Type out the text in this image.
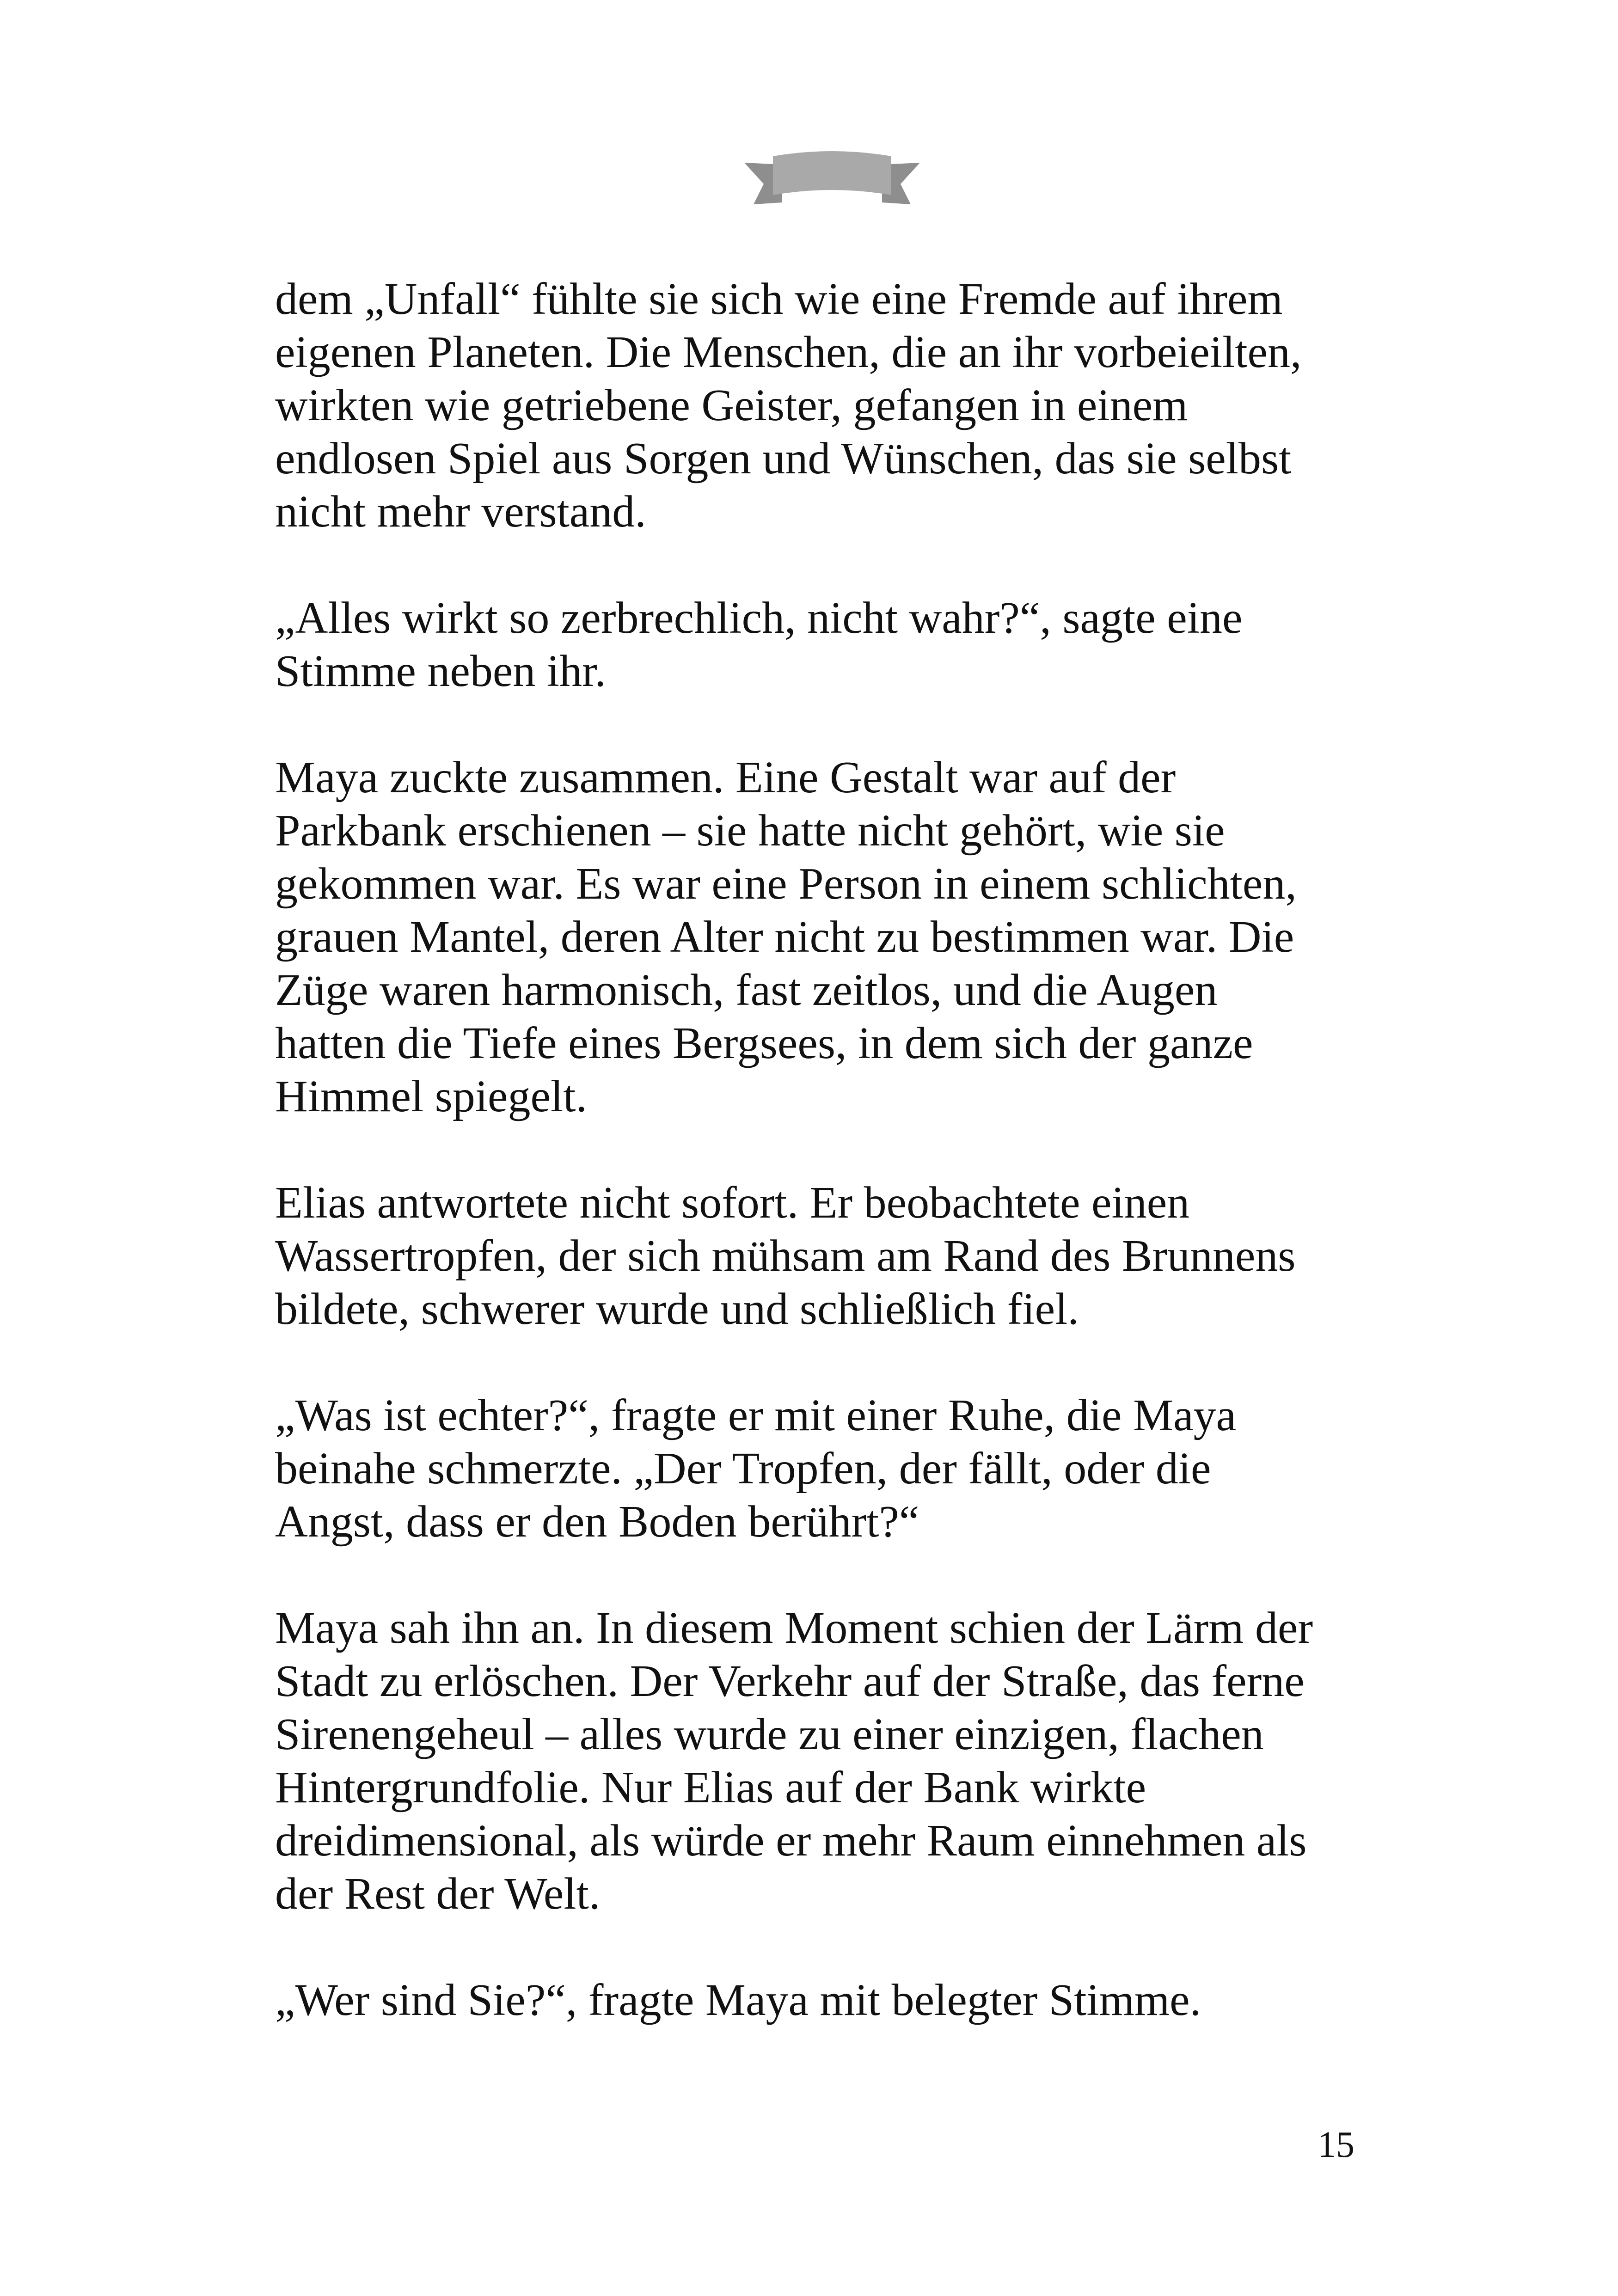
dem „Unfall“ fühlte sie sich wie eine Fremde auf ihrem
eigenen Planeten. Die Menschen, die an ihr vorbeieilten,
wirkten wie getriebene Geister, gefangen in einem
endlosen Spiel aus Sorgen und Wünschen, das sie selbst
nicht mehr verstand.

„Alles wirkt so zerbrechlich, nicht wahr?“, sagte eine
Stimme neben ihr.

Maya zuckte zusammen. Eine Gestalt war auf der
Parkbank erschienen – sie hatte nicht gehört, wie sie
gekommen war. Es war eine Person in einem schlichten,
grauen Mantel, deren Alter nicht zu bestimmen war. Die
Züge waren harmonisch, fast zeitlos, und die Augen
hatten die Tiefe eines Bergsees, in dem sich der ganze
Himmel spiegelt.

Elias antwortete nicht sofort. Er beobachtete einen
Wassertropfen, der sich mühsam am Rand des Brunnens
bildete, schwerer wurde und schließlich fiel.

„Was ist echter?“, fragte er mit einer Ruhe, die Maya
beinahe schmerzte. „Der Tropfen, der fällt, oder die
Angst, dass er den Boden berührt?“

Maya sah ihn an. In diesem Moment schien der Lärm der
Stadt zu erlöschen. Der Verkehr auf der Straße, das ferne
Sirenengeheul – alles wurde zu einer einzigen, flachen
Hintergrundfolie. Nur Elias auf der Bank wirkte
dreidimensional, als würde er mehr Raum einnehmen als
der Rest der Welt.

„Wer sind Sie?“, fragte Maya mit belegter Stimme.

15
